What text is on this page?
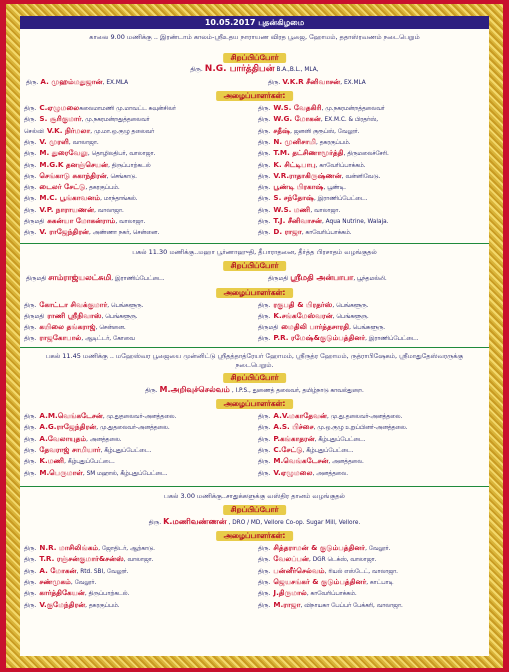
10.05.2017 புதன்கிழமை
காலை 9.00 மணிக்கு .. இரண்டாம் காலம்-ஸ்ரீஉதய நாராயண விரத பூஜை, ஹோமம், ததாஸ்ரவணம் நடைபெறும்
சிறப்பிப்போர்
திரு. N.G. பார்த்திபன் B.A.,B.L., MLA,
திரு. A. முஹம்மதுஜான், EX.MLA	திரு. V.K.R சீனிவாசன், EX.MLA
அழைப்பாளர்கள்:
திரு. C.ஏழுமலைகலைமாமணி மு.மாவட்ட கவுன்சிலர்	திரு. W.S. வேதகிரி, மு.நகரமன்றத்தலைவர்
திரு. S. சூரிகுமார், மு.நகரமன்றதுத்தலைவர்	திரு. W.G. மோகன், EX.M.C. & பிரதர்ஸ்,
செல்வி V.K. நிர்மலா, மு.மா.ஒ.குழு தலைவர்	திரு. சதீஷ், ஜனனி குரூப்ஸ், வேலூர்.
திரு. V. முரளி, வாலாஜா.	திரு. N. முனிசாமி, தகரகுப்பம்.
திரு. M. துரைவேலு, தொழிலதிபர், வாலாஜா.	திரு. T.M. தட்சிணாமூர்த்தி, திருமலைச்சேரி.
திரு. M.G.K தனஞ்செயன், திருப்பாற்கடல்	திரு. K. சிட்டிபாபு, காவேரிப்பாக்கம்.
திரு. செங்காடு சுகாந்திரன், செங்காடு.	திரு. V.R.ராதாகிருஷ்ணன், வன்னிவேடு.
திரு. டைலர் சேட்டு, தகரகுப்பம்.	திரு. பூண்டி பிரகாஷ், பூண்டி.
திரு. M.C. பூங்காவனம், மாந்தாங்கல்.	திரு. S. சந்தோஷ், இராணிப்பேட்டை.
திரு. V.P. நாராயணன், வாலாஜா.	திரு. W.S. மணி, வாலாஜா.
திருமதி சுகன்யா மோகன்ராம், வாலாஜா.	திரு. T.J. சீனிவாசன், Aqua Nutrine, Walaja.
திரு. V. ராஜேந்திரன், அண்ணா நகர், சென்னை.	திரு. D. ராஜா, காவேரிப்பாக்கம்.
பகல் 11.30 மணிக்கு..மஹா பூர்ணாஹுதி, தீபாராதனை, தீர்த்த பிரசாதம் வழங்குதல்
சிறப்பிப்போர்
திருமதி சாம்ராஜ்யலட்சுமி, இராணிப்பேட்டை.	திருமதி ஸ்ரீமதி அன்பாபா, பூந்தமல்லி.
அழைப்பாளர்கள்:
திரு. கோட்டா சிவக்குமார், பெங்களூரு.	திரு. ரகுபதி & பிரதர்ஸ், பெங்களூரு.
திருமதி ராணி ஸ்ரீநிவாஸ், பெங்களூரு.	திரு. K.சங்கமேஸ்வரன், பெங்களூரு.
திரு. கயிலை தங்கராஜ், சென்னை.	திருமதி மைதிலி பார்த்தசாரதி, பெங்களூரு.
திரு. ராஜகோபால், ஆடிட்டர், கோவை	திரு. P.R. ரமேஷ்&குடும்பத்தினர், இராணிப்பேட்டை.
பகல் 11.45 மணிக்கு .. மஹேஸ்வர பூஜையை முன்னிட்டு ஸ்ரீதத்தாத்ரேயர் ஹோமம், ஸ்ரீருத்ர ஹோமம், ருத்ராபிஷேகம், ஸ்ரீமாதுதேஸ்வரருக்கு நடைபெறும்.
சிறப்பிப்போர்
திரு. M.அறிவுச்செல்வம் , I.P.S., துணைத் தலைவர், தமிழ்நாடு காவல்துறை.
அழைப்பாளர்கள்:
திரு. A.M.வெங்கடேசன், மு.துதலைவர்-அனத்தலை.	திரு. A.V.மகாதேவன், மு.து.தலைவர்-அனத்தலை.
திரு. A.G.ராஜேந்திரன், மு.துதலைவர்-அனத்தலை.	திரு. A.S. பிச்சை, மு.ஒ.குழு உறுப்பினர்-அனத்தலை.
திரு. A.வேலாயுதம், அனத்தலை.	திரு. P.கங்காதரன், கீழ்புதுப்பேட்டை.
திரு. தேவராஜ் சாமியார், கீழ்புதுப்பேட்டை.	திரு. C.சேட்டு, கீழ்புதுப்பேட்டை.
திரு. K.மணி, கீழ்புதுப்பேட்டை.	திரு. M.வெங்கடேசன், அனத்தலை.
திரு. M.பெருமாள், SM மஹால், கீழ்புதுப்பேட்டை.	திரு. V.ஏழுமலை, அனத்தலை.
பகல் 3.00 மணிக்கு..சாதுக்களுக்கு வஸ்திர தானம் வழங்குதல்
சிறப்பிப்போர்
திரு. K.மணிவண்ணன் , DRO / MD, Vellore Co-op. Sugar Mill, Vellore.
அழைப்பாளர்கள்:
திரு. N.R. மாசிலிங்கம், ஜோதிடர், ஆற்காடு.	திரு. சித்தராமன் & குடும்பத்தினர், வேலூர்.
திரு. T.R. ரஞ்சன்குமார்&சன்ஸ், வாலாஜா.	திரு. வேலப்பன், DGR டெக்ஸ், வாலாஜா.
திரு. A. மோகன், Rtd. SBI, வேலூர்.	திரு. பன்னீர்செல்வம், ரியல் எஸ்டேட், வாலாஜா.
திரு. சண்முகம், வேலூர்.	திரு. ஜெயசங்கர் & குடும்பத்தினர், காட்பாடி
திரு. கார்த்திகேயன், திருப்பாற்கடல்.	திரு. J.திருமால், காவேரிப்பாக்கம்.
திரு. V.குமேந்திரன், தகரகுப்பம்.	திரு. M.ராஜா, விநாயகா பேப்பர் பேக்கரி, வாலாஜா.
